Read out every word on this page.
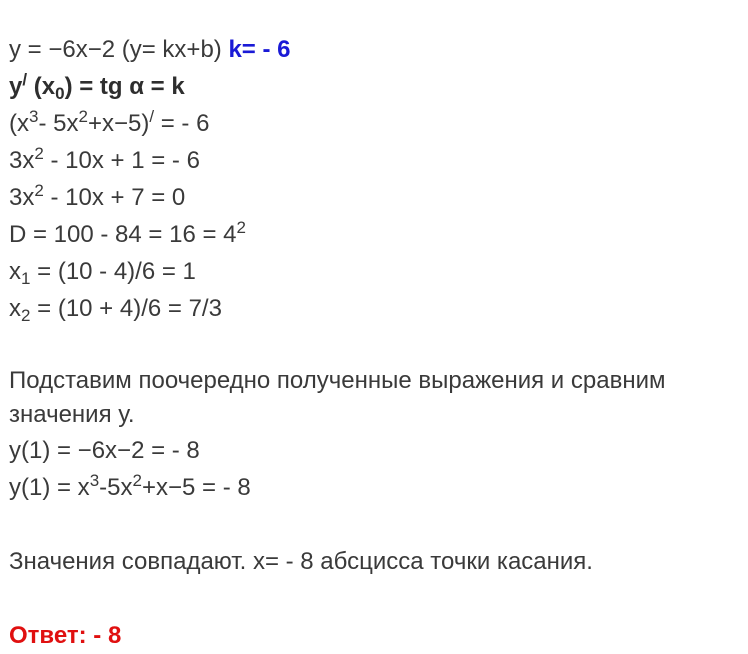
y = −6x−2 (y= kx+b) k= - 6
y/ $(x_0)$ = tg α = k
($x^3-$ $5x^2+x-5)^/$ = - 6
$3x^2 - 10x + 1$ = - 6
$3x^2 - 10x + 7 = 0$
$D = 100 - 84 = 16 = 4^2$
$x_1 = (10 - 4)/6 = 1$
$x_2 = (10 + 4)/6 = 7/3$
Подставим поочередно полученные выражения и сравним значения у.
у(1) = −6x−2 = - 8
$у(1) = x^3-5x^2+x-5$ = - 8
Значения совпадают. x= - 8 абсцисса точки касания.
Ответ: - 8
